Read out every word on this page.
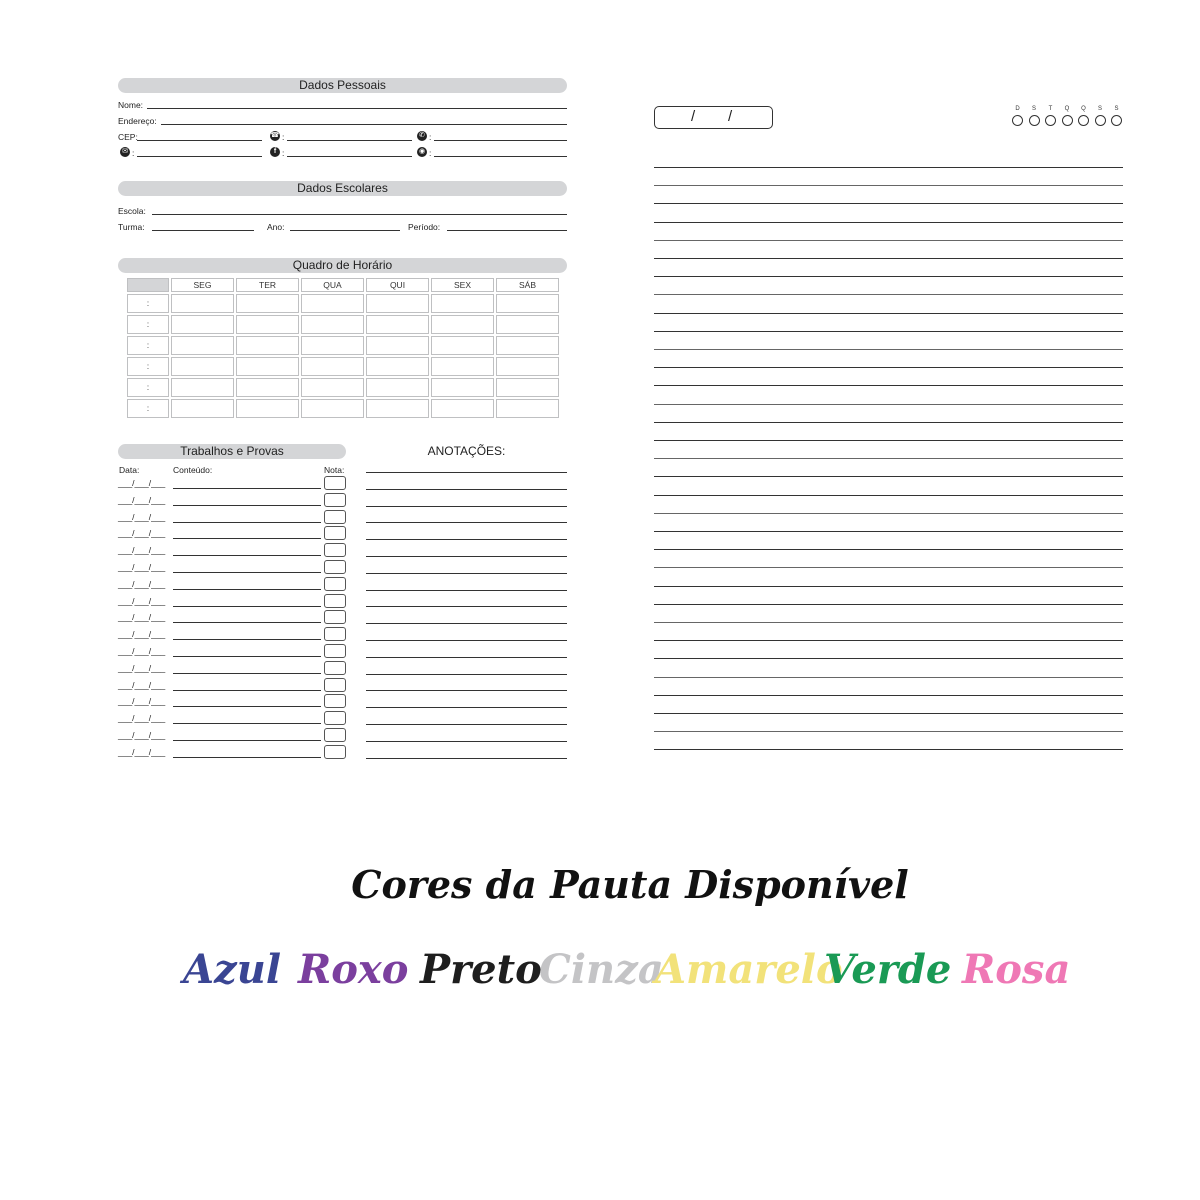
Dados Pessoais
Nome:
Endereço:
CEP:	☎ :	✆ :
✉ :	f :	◉ :
Dados Escolares
Escola:
Turma:	Ano:	Período:
Quadro de Horário
	SEG	TER	QUA	QUI	SEX	SÁB
:						
:						
:						
:						
:						
:						
Trabalhos e Provas
Data:	Conteúdo:	Nota:
___/___/___
___/___/___
___/___/___
___/___/___
___/___/___
___/___/___
___/___/___
___/___/___
___/___/___
___/___/___
___/___/___
___/___/___
___/___/___
___/___/___
___/___/___
___/___/___
___/___/___
ANOTAÇÕES:
/ /	D	S	T	Q	Q	S	S
Cores da Pauta Disponível
Azul Roxo Preto
Cinza
Amarelo
Verde Rosa
